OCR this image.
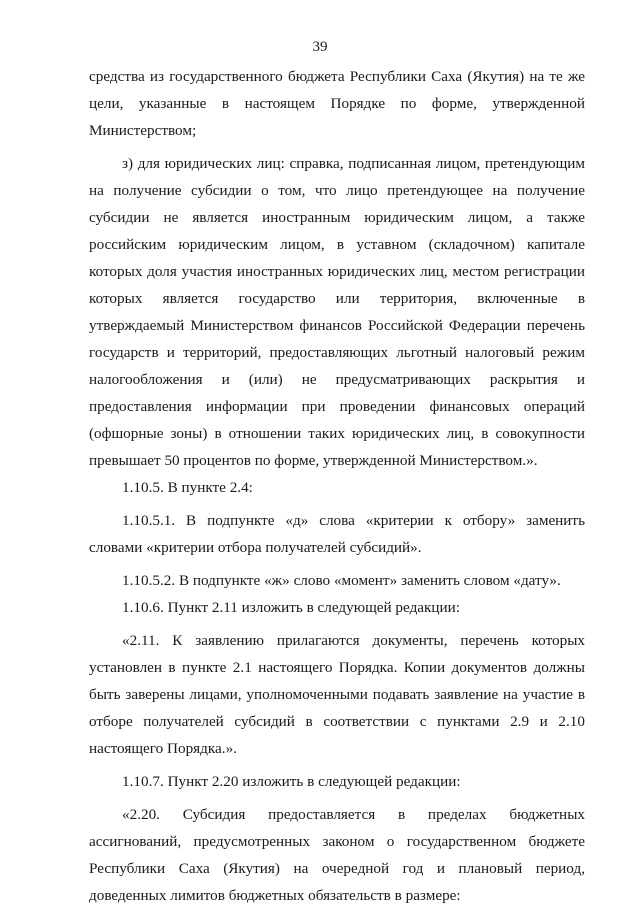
39

средства из государственного бюджета Республики Саха (Якутия) на те же цели, указанные в настоящем Порядке по форме, утвержденной Министерством;

з) для юридических лиц: справка, подписанная лицом, претендующим на получение субсидии о том, что лицо претендующее на получение субсидии не является иностранным юридическим лицом, а также российским юридическим лицом, в уставном (складочном) капитале которых доля участия иностранных юридических лиц, местом регистрации которых является государство или территория, включенные в утверждаемый Министерством финансов Российской Федерации перечень государств и территорий, предоставляющих льготный налоговый режим налогообложения и (или) не предусматривающих раскрытия и предоставления информации при проведении финансовых операций (офшорные зоны) в отношении таких юридических лиц, в совокупности превышает 50 процентов по форме, утвержденной Министерством.».

1.10.5. В пункте 2.4:

1.10.5.1. В подпункте «д» слова «критерии к отбору» заменить словами «критерии отбора получателей субсидий».

1.10.5.2. В подпункте «ж» слово «момент» заменить словом «дату».

1.10.6. Пункт 2.11 изложить в следующей редакции:

«2.11. К заявлению прилагаются документы, перечень которых установлен в пункте 2.1 настоящего Порядка. Копии документов должны быть заверены лицами, уполномоченными подавать заявление на участие в отборе получателей субсидий в соответствии с пунктами 2.9 и 2.10 настоящего Порядка.».

1.10.7. Пункт 2.20 изложить в следующей редакции:

«2.20. Субсидия предоставляется в пределах бюджетных ассигнований, предусмотренных законом о государственном бюджете Республики Саха (Якутия) на очередной год и плановый период, доведенных лимитов бюджетных обязательств в размере:
